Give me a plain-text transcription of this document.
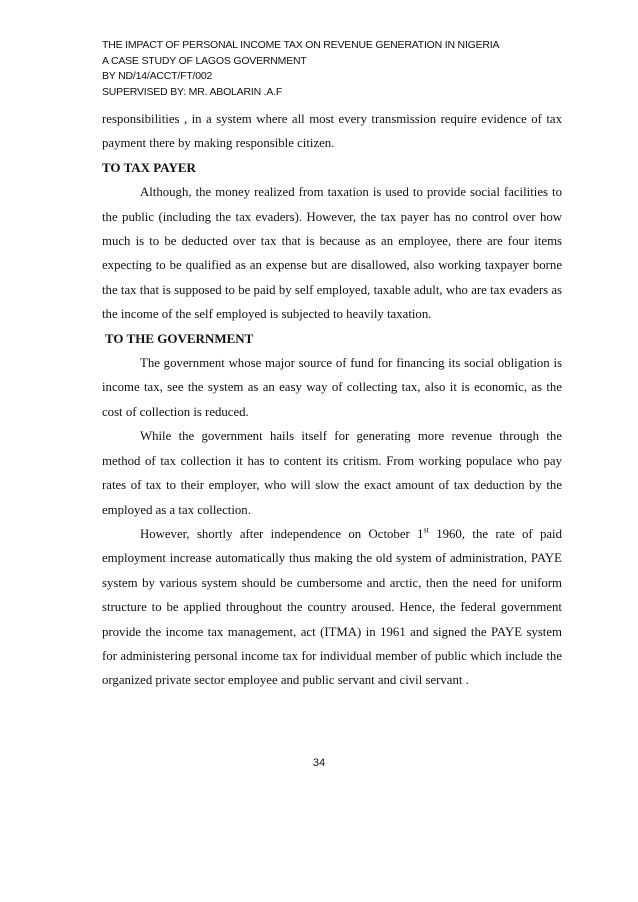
THE IMPACT OF PERSONAL INCOME TAX ON REVENUE GENERATION IN NIGERIA
A CASE STUDY OF LAGOS GOVERNMENT
BY ND/14/ACCT/FT/002
SUPERVISED BY: MR. ABOLARIN .A.F

responsibilities , in a system where all most every transmission require evidence of tax payment there by making responsible citizen.

TO TAX PAYER

Although, the money realized from taxation is used to provide social facilities to the public (including the tax evaders). However, the tax payer has no control over how much is to be deducted over tax that is because as an employee, there are four items expecting to be qualified as an expense but are disallowed, also working taxpayer borne the tax that is supposed to be paid by self employed, taxable adult, who are tax evaders as the income of the self employed is subjected to heavily taxation.

TO THE GOVERNMENT

The government whose major source of fund for financing its social obligation is income tax, see the system as an easy way of collecting tax, also it is economic, as the cost of collection is reduced.

While the government hails itself for generating more revenue through the method of tax collection it has to content its critism. From working populace who pay rates of tax to their employer, who will slow the exact amount of tax deduction by the employed as a tax collection.

However, shortly after independence on October 1st 1960, the rate of paid employment increase automatically thus making the old system of administration, PAYE system by various system should be cumbersome and arctic, then the need for uniform structure to be applied throughout the country aroused. Hence, the federal government provide the income tax management, act (ITMA) in 1961 and signed the PAYE system for administering personal income tax for individual member of public which include the organized private sector employee and public servant and civil servant .

34
